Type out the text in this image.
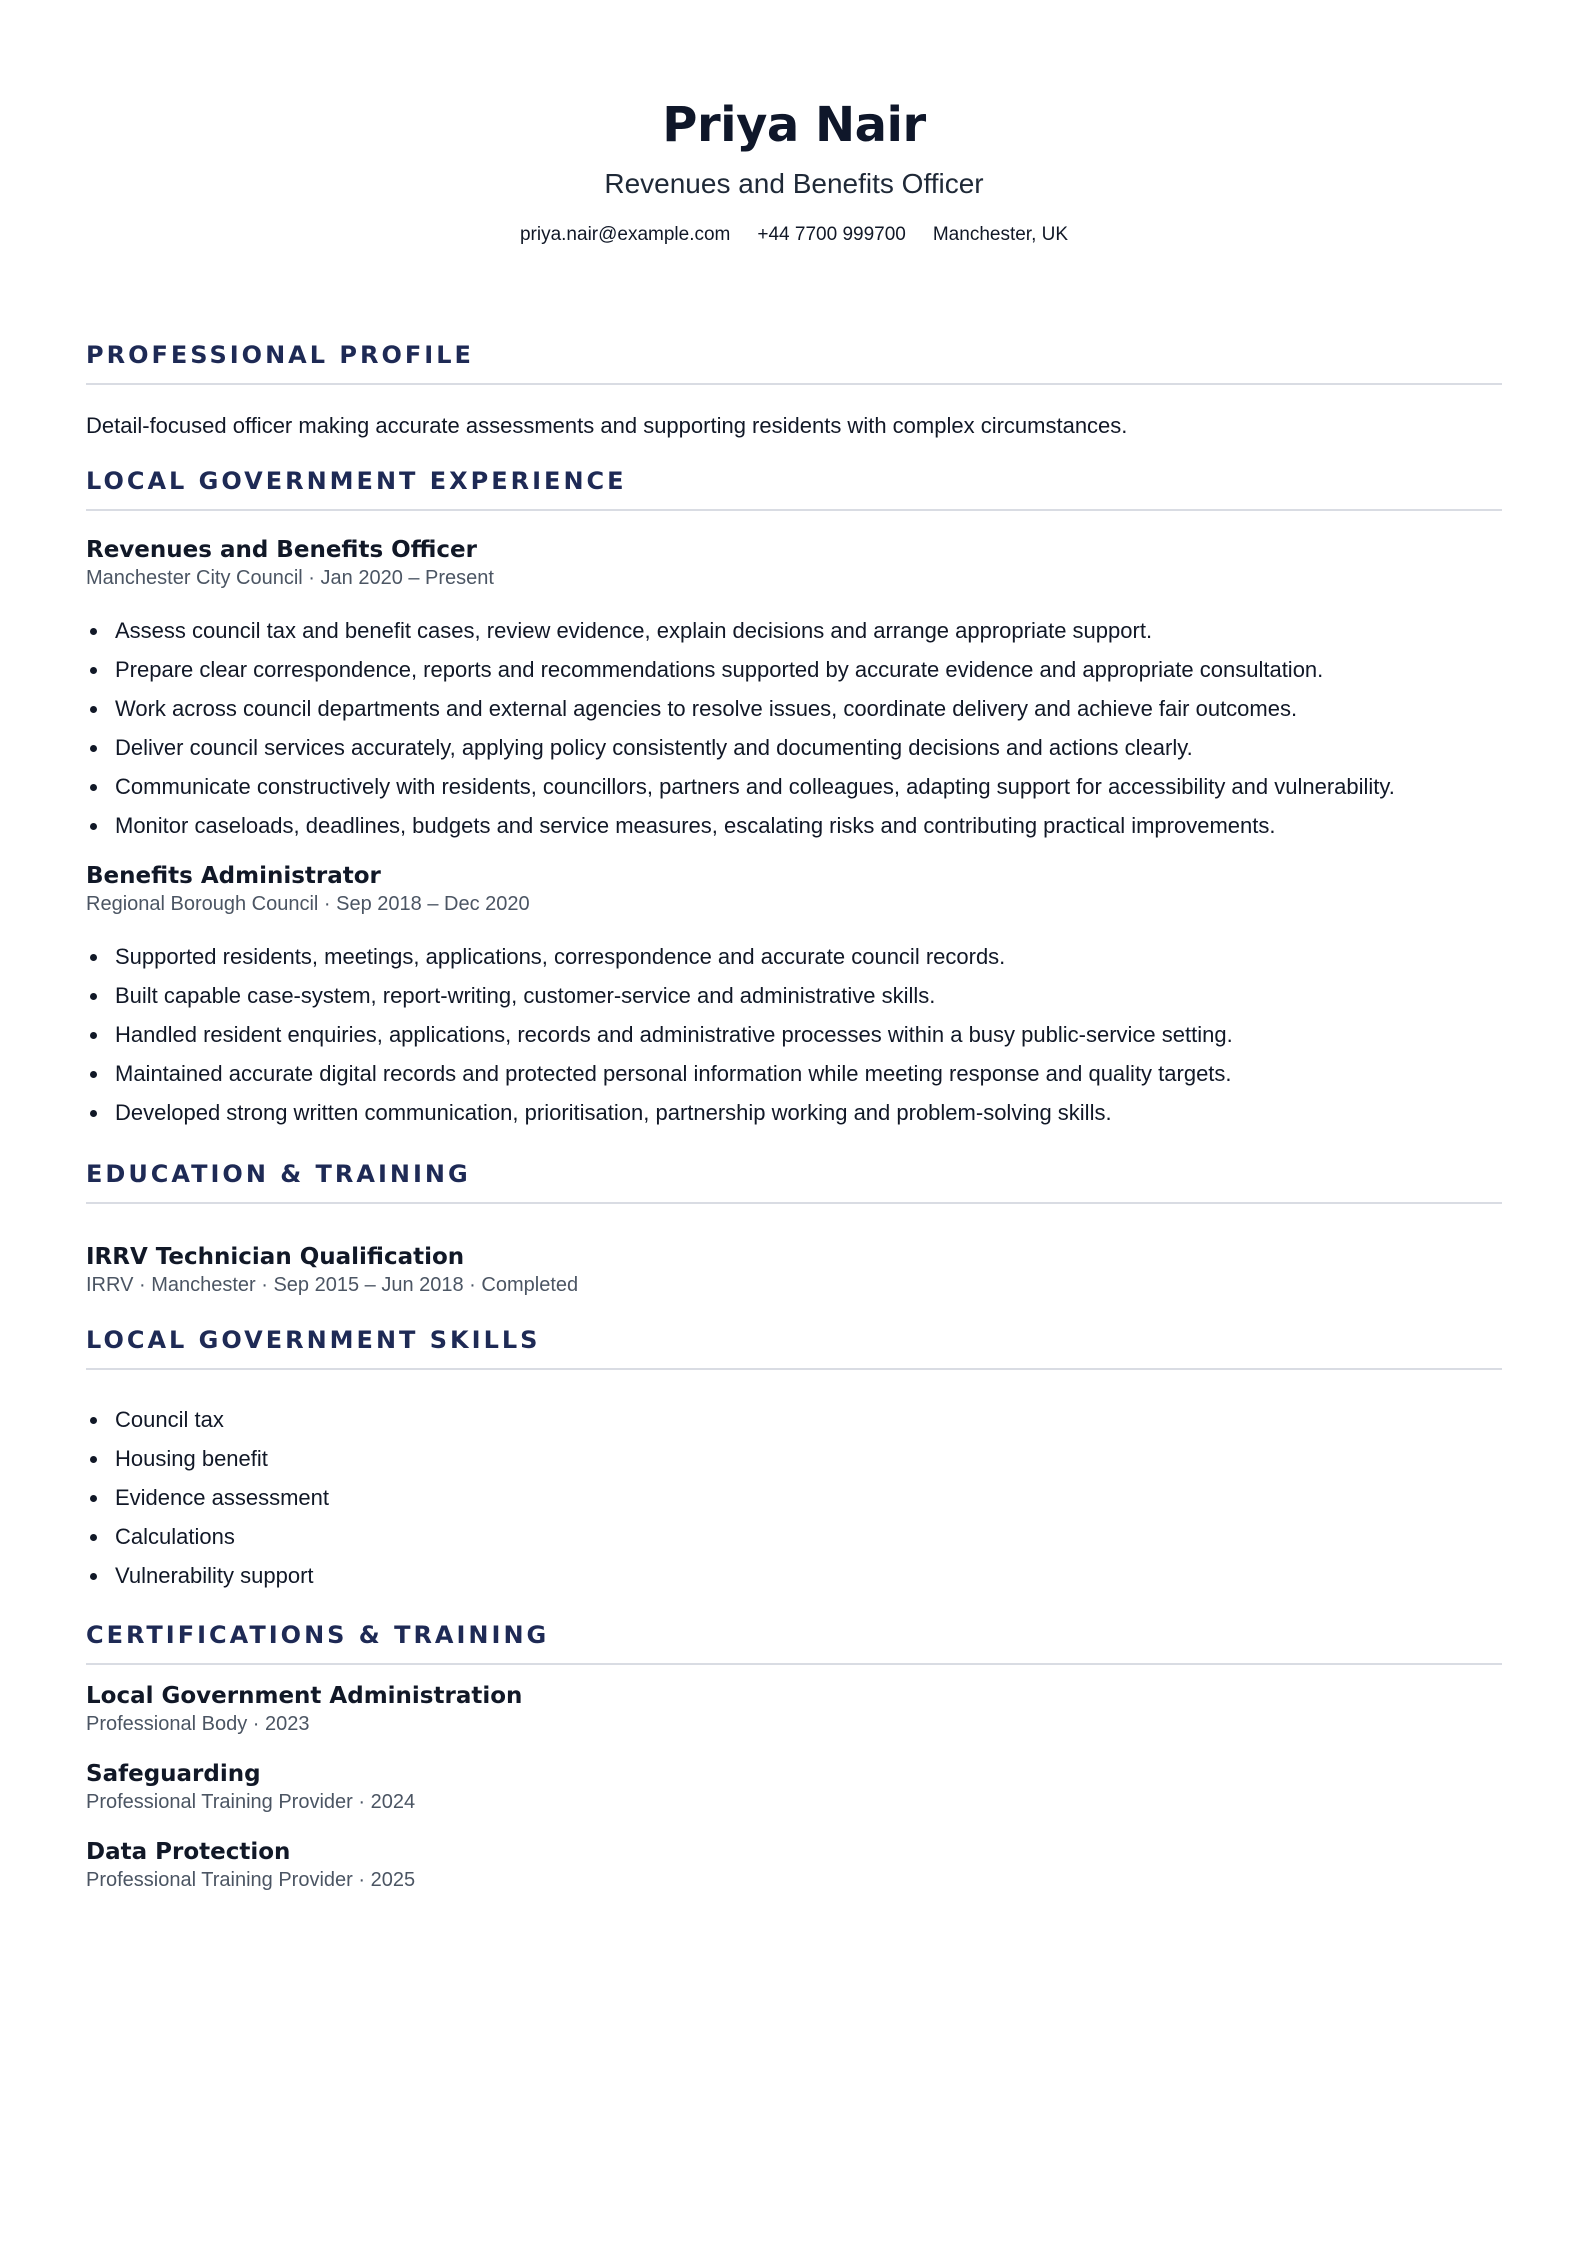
Priya Nair
Revenues and Benefits Officer
priya.nair@example.com +44 7700 999700 Manchester, UK
PROFESSIONAL PROFILE

Detail-focused officer making accurate assessments and supporting residents with complex circumstances.

LOCAL GOVERNMENT EXPERIENCE
Revenues and Benefits Officer

Manchester City Council · Jan 2020 – Present

Assess council tax and benefit cases, review evidence, explain decisions and arrange appropriate support.
Prepare clear correspondence, reports and recommendations supported by accurate evidence and appropriate consultation.
Work across council departments and external agencies to resolve issues, coordinate delivery and achieve fair outcomes.
Deliver council services accurately, applying policy consistently and documenting decisions and actions clearly.
Communicate constructively with residents, councillors, partners and colleagues, adapting support for accessibility and vulnerability.
Monitor caseloads, deadlines, budgets and service measures, escalating risks and contributing practical improvements.
Benefits Administrator

Regional Borough Council · Sep 2018 – Dec 2020

Supported residents, meetings, applications, correspondence and accurate council records.
Built capable case-system, report-writing, customer-service and administrative skills.
Handled resident enquiries, applications, records and administrative processes within a busy public-service setting.
Maintained accurate digital records and protected personal information while meeting response and quality targets.
Developed strong written communication, prioritisation, partnership working and problem-solving skills.
EDUCATION & TRAINING
IRRV Technician Qualification

IRRV · Manchester · Sep 2015 – Jun 2018 · Completed

LOCAL GOVERNMENT SKILLS
Council tax
Housing benefit
Evidence assessment
Calculations
Vulnerability support
CERTIFICATIONS & TRAINING
Local Government Administration

Professional Body · 2023

Safeguarding

Professional Training Provider · 2024

Data Protection

Professional Training Provider · 2025
